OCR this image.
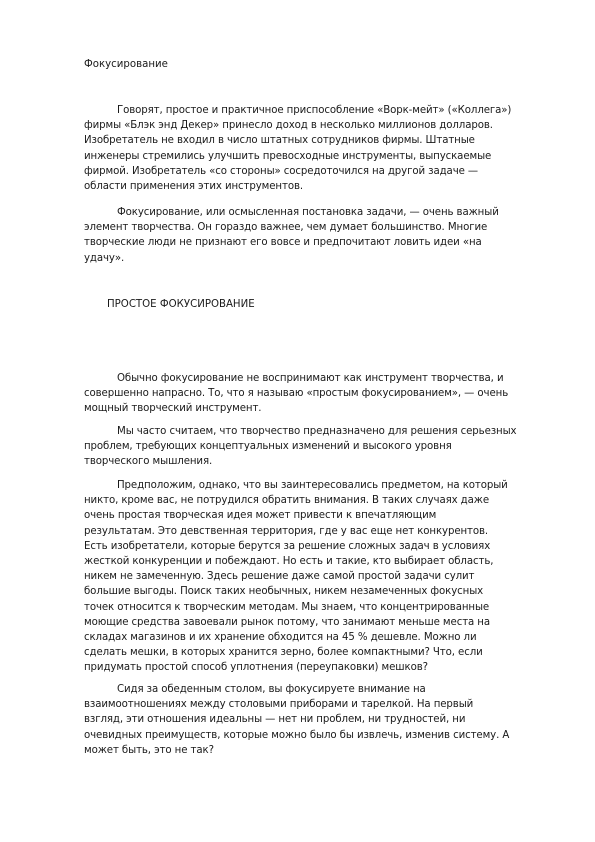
Фокусирование

Говорят, простое и практичное приспособление «Ворк-мейт» («Коллега»)
фирмы «Блэк энд Декер» принесло доход в несколько миллионов долларов.
Изобретатель не входил в число штатных сотрудников фирмы. Штатные
инженеры стремились улучшить превосходные инструменты, выпускаемые
фирмой. Изобретатель «со стороны» сосредоточился на другой задаче —
области применения этих инструментов.

Фокусирование, или осмысленная постановка задачи, — очень важный
элемент творчества. Он гораздо важнее, чем думает большинство. Многие
творческие люди не признают его вовсе и предпочитают ловить идеи «на
удачу».

ПРОСТОЕ ФОКУСИРОВАНИЕ

Обычно фокусирование не воспринимают как инструмент творчества, и
совершенно напрасно. То, что я называю «простым фокусированием», — очень
мощный творческий инструмент.

Мы часто считаем, что творчество предназначено для решения серьезных
проблем, требующих концептуальных изменений и высокого уровня
творческого мышления.

Предположим, однако, что вы заинтересовались предметом, на который
никто, кроме вас, не потрудился обратить внимания. В таких случаях даже
очень простая творческая идея может привести к впечатляющим
результатам. Это девственная территория, где у вас еще нет конкурентов.
Есть изобретатели, которые берутся за решение сложных задач в условиях
жесткой конкуренции и побеждают. Но есть и такие, кто выбирает область,
никем не замеченную. Здесь решение даже самой простой задачи сулит
большие выгоды. Поиск таких необычных, никем незамеченных фокусных
точек относится к творческим методам. Мы знаем, что концентрированные
моющие средства завоевали рынок потому, что занимают меньше места на
складах магазинов и их хранение обходится на 45 % дешевле. Можно ли
сделать мешки, в которых хранится зерно, более компактными? Что, если
придумать простой способ уплотнения (переупаковки) мешков?

Сидя за обеденным столом, вы фокусируете внимание на
взаимоотношениях между столовыми приборами и тарелкой. На первый
взгляд, эти отношения идеальны — нет ни проблем, ни трудностей, ни
очевидных преимуществ, которые можно было бы извлечь, изменив систему. А
может быть, это не так?
